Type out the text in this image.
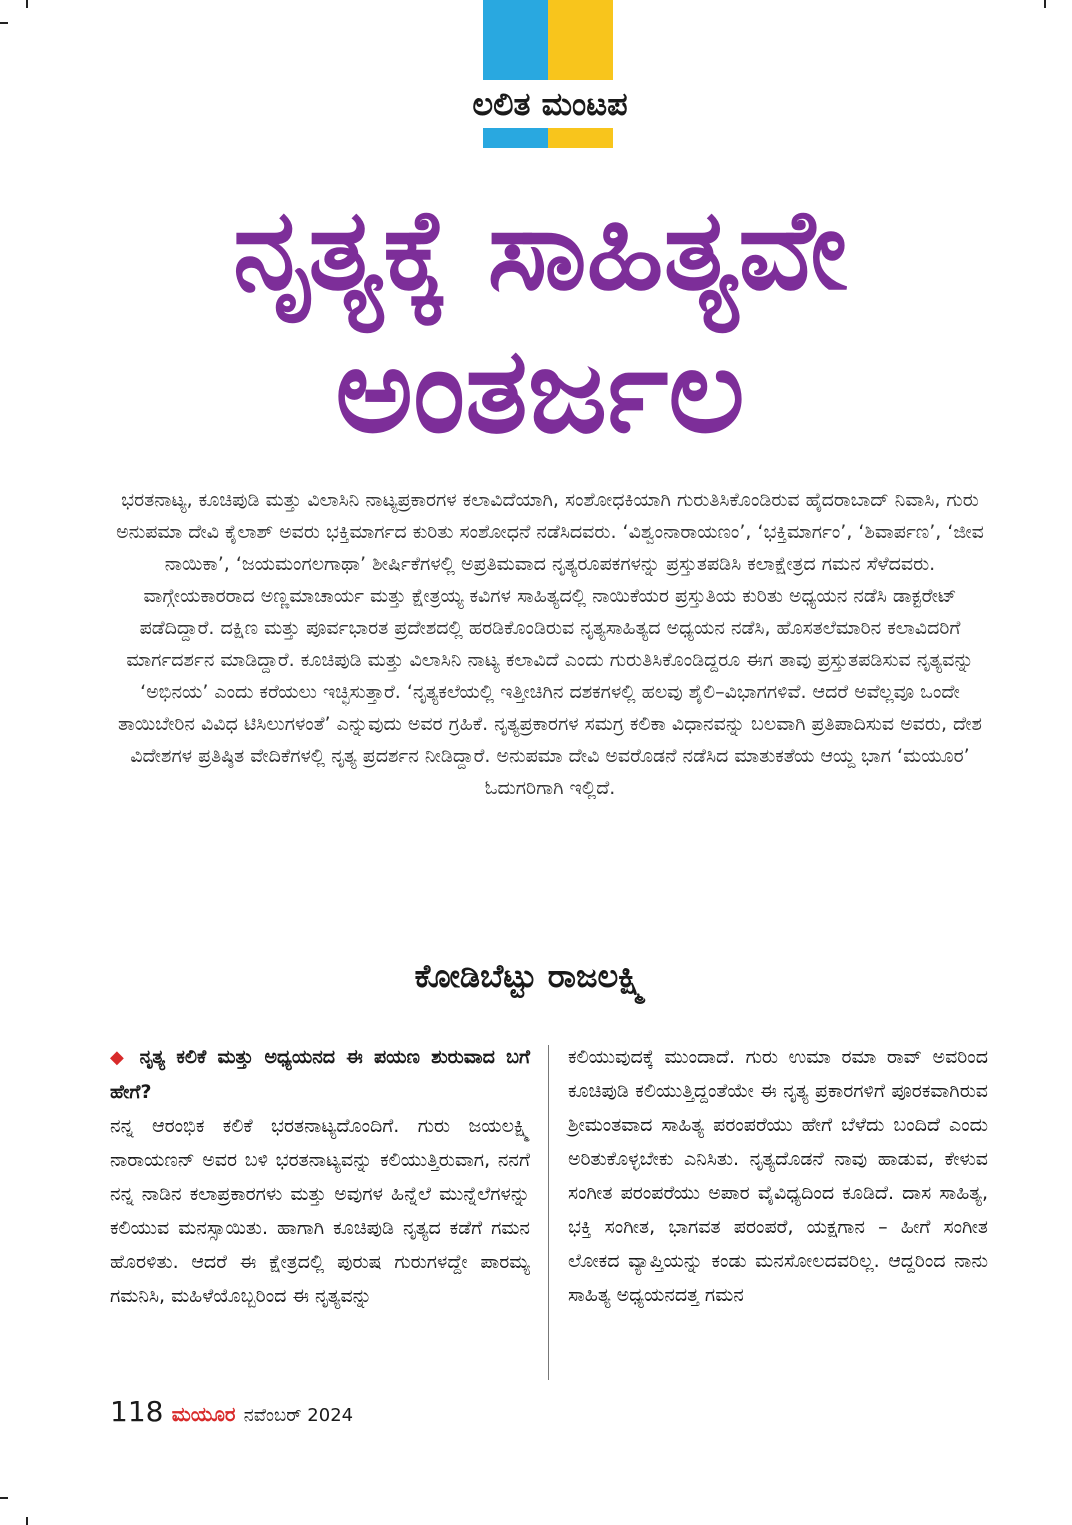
ಲಲಿತ ಮಂಟಪ
ನೃತ್ಯಕ್ಕೆ ಸಾಹಿತ್ಯವೇ
ಅಂತರ್ಜಲ
ಭರತನಾಟ್ಯ, ಕೂಚಿಪುಡಿ ಮತ್ತು ವಿಲಾಸಿನಿ ನಾಟ್ಯಪ್ರಕಾರಗಳ ಕಲಾವಿದೆಯಾಗಿ, ಸಂಶೋಧಕಿಯಾಗಿ ಗುರುತಿಸಿಕೊಂಡಿರುವ ಹೈದರಾಬಾದ್ ನಿವಾಸಿ, ಗುರು ಅನುಪಮಾ ದೇವಿ ಕೈಲಾಶ್ ಅವರು ಭಕ್ತಿಮಾರ್ಗದ ಕುರಿತು ಸಂಶೋಧನೆ ನಡೆಸಿದವರು. ‘ವಿಶ್ವಂನಾರಾಯಣಂ’, ‘ಭಕ್ತಿಮಾರ್ಗಂ’, ‘ಶಿವಾರ್ಪಣ’, ‘ಜೀವ ನಾಯಿಕಾ’, ‘ಜಯಮಂಗಲಗಾಥಾ’ ಶೀರ್ಷಿಕೆಗಳಲ್ಲಿ ಅಪ್ರತಿಮವಾದ ನೃತ್ಯರೂಪಕಗಳನ್ನು ಪ್ರಸ್ತುತಪಡಿಸಿ ಕಲಾಕ್ಷೇತ್ರದ ಗಮನ ಸೆಳೆದವರು. ವಾಗ್ಗೇಯಕಾರರಾದ ಅಣ್ಣಮಾಚಾರ್ಯ ಮತ್ತು ಕ್ಷೇತ್ರಯ್ಯ ಕವಿಗಳ ಸಾಹಿತ್ಯದಲ್ಲಿ ನಾಯಿಕೆಯರ ಪ್ರಸ್ತುತಿಯ ಕುರಿತು ಅಧ್ಯಯನ ನಡೆಸಿ ಡಾಕ್ಟರೇಟ್ ಪಡೆದಿದ್ದಾರೆ. ದಕ್ಷಿಣ ಮತ್ತು ಪೂರ್ವಭಾರತ ಪ್ರದೇಶದಲ್ಲಿ ಹರಡಿಕೊಂಡಿರುವ ನೃತ್ಯಸಾಹಿತ್ಯದ ಅಧ್ಯಯನ ನಡೆಸಿ, ಹೊಸತಲೆಮಾರಿನ ಕಲಾವಿದರಿಗೆ ಮಾರ್ಗದರ್ಶನ ಮಾಡಿದ್ದಾರೆ. ಕೂಚಿಪುಡಿ ಮತ್ತು ವಿಲಾಸಿನಿ ನಾಟ್ಯ ಕಲಾವಿದೆ ಎಂದು ಗುರುತಿಸಿಕೊಂಡಿದ್ದರೂ ಈಗ ತಾವು ಪ್ರಸ್ತುತಪಡಿಸುವ ನೃತ್ಯವನ್ನು ‘ಅಭಿನಯ’ ಎಂದು ಕರೆಯಲು ಇಚ್ಛಿಸುತ್ತಾರೆ. ‘ನೃತ್ಯಕಲೆಯಲ್ಲಿ ಇತ್ತೀಚಿಗಿನ ದಶಕಗಳಲ್ಲಿ ಹಲವು ಶೈಲಿ–ವಿಭಾಗಗಳಿವೆ. ಆದರೆ ಅವೆಲ್ಲವೂ ಒಂದೇ ತಾಯಿಬೇರಿನ ವಿವಿಧ ಟಿಸಿಲುಗಳಂತೆ’ ಎನ್ನುವುದು ಅವರ ಗ್ರಹಿಕೆ. ನೃತ್ಯಪ್ರಕಾರಗಳ ಸಮಗ್ರ ಕಲಿಕಾ ವಿಧಾನವನ್ನು ಬಲವಾಗಿ ಪ್ರತಿಪಾದಿಸುವ ಅವರು, ದೇಶ ವಿದೇಶಗಳ ಪ್ರತಿಷ್ಠಿತ ವೇದಿಕೆಗಳಲ್ಲಿ ನೃತ್ಯ ಪ್ರದರ್ಶನ ನೀಡಿದ್ದಾರೆ. ಅನುಪಮಾ ದೇವಿ ಅವರೊಡನೆ ನಡೆಸಿದ ಮಾತುಕತೆಯ ಆಯ್ದ ಭಾಗ ‘ಮಯೂರ’ ಓದುಗರಿಗಾಗಿ ಇಲ್ಲಿದೆ.
ಕೋಡಿಬೆಟ್ಟು ರಾಜಲಕ್ಷ್ಮಿ
◆ ನೃತ್ಯ ಕಲಿಕೆ ಮತ್ತು ಅಧ್ಯಯನದ ಈ ಪಯಣ ಶುರುವಾದ ಬಗೆ ಹೇಗೆ?
ನನ್ನ ಆರಂಭಿಕ ಕಲಿಕೆ ಭರತನಾಟ್ಯದೊಂದಿಗೆ. ಗುರು ಜಯಲಕ್ಷ್ಮಿ ನಾರಾಯಣನ್ ಅವರ ಬಳಿ ಭರತನಾಟ್ಯವನ್ನು ಕಲಿಯುತ್ತಿರುವಾಗ, ನನಗೆ ನನ್ನ ನಾಡಿನ ಕಲಾಪ್ರಕಾರಗಳು ಮತ್ತು ಅವುಗಳ ಹಿನ್ನೆಲೆ ಮುನ್ನೆಲೆಗಳನ್ನು ಕಲಿಯುವ ಮನಸ್ಸಾಯಿತು. ಹಾಗಾಗಿ ಕೂಚಿಪುಡಿ ನೃತ್ಯದ ಕಡೆಗೆ ಗಮನ ಹೊರಳಿತು. ಆದರೆ ಈ ಕ್ಷೇತ್ರದಲ್ಲಿ ಪುರುಷ ಗುರುಗಳದ್ದೇ ಪಾರಮ್ಯ ಗಮನಿಸಿ, ಮಹಿಳೆಯೊಬ್ಬರಿಂದ ಈ ನೃತ್ಯವನ್ನು
ಕಲಿಯುವುದಕ್ಕೆ ಮುಂದಾದೆ. ಗುರು ಉಮಾ ರಮಾ ರಾವ್ ಅವರಿಂದ ಕೂಚಿಪುಡಿ ಕಲಿಯುತ್ತಿದ್ದಂತೆಯೇ ಈ ನೃತ್ಯ ಪ್ರಕಾರಗಳಿಗೆ ಪೂರಕವಾಗಿರುವ ಶ್ರೀಮಂತವಾದ ಸಾಹಿತ್ಯ ಪರಂಪರೆಯು ಹೇಗೆ ಬೆಳೆದು ಬಂದಿದೆ ಎಂದು ಅರಿತುಕೊಳ್ಳಬೇಕು ಎನಿಸಿತು. ನೃತ್ಯದೊಡನೆ ನಾವು ಹಾಡುವ, ಕೇಳುವ ಸಂಗೀತ ಪರಂಪರೆಯು ಅಪಾರ ವೈವಿಧ್ಯದಿಂದ ಕೂಡಿದೆ. ದಾಸ ಸಾಹಿತ್ಯ, ಭಕ್ತಿ ಸಂಗೀತ, ಭಾಗವತ ಪರಂಪರೆ, ಯಕ್ಷಗಾನ – ಹೀಗೆ ಸಂಗೀತ ಲೋಕದ ವ್ಯಾಪ್ತಿಯನ್ನು ಕಂಡು ಮನಸೋಲದವರಿಲ್ಲ. ಆದ್ದರಿಂದ ನಾನು ಸಾಹಿತ್ಯ ಅಧ್ಯಯನದತ್ತ ಗಮನ
118 ಮಯೂರ ನವೆಂಬರ್ 2024
